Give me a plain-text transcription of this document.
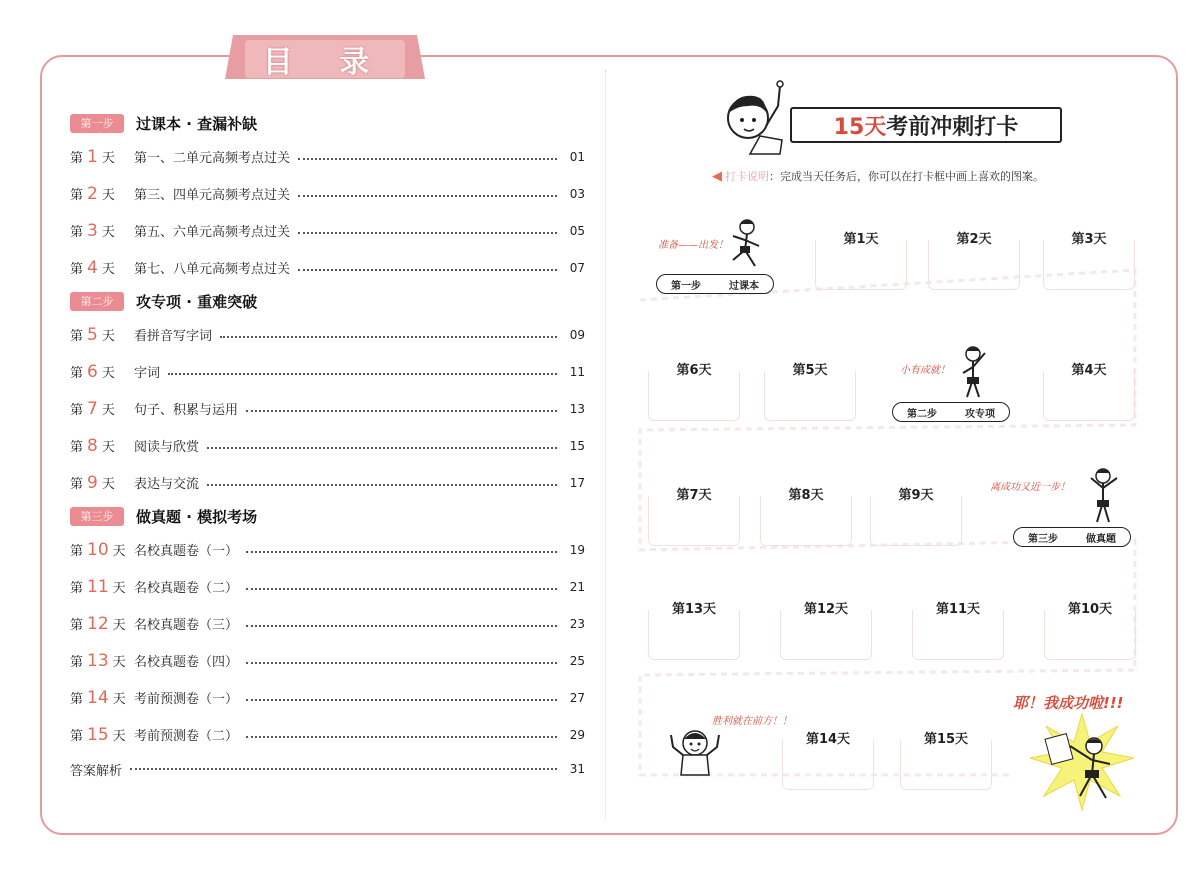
目 录
第一步	过课本 · 查漏补缺
第 1 天	第一、二单元高频考点过关	01
第 2 天	第三、四单元高频考点过关	03
第 3 天	第五、六单元高频考点过关	05
第 4 天	第七、八单元高频考点过关	07
第二步	攻专项 · 重难突破
第 5 天	看拼音写字词	09
第 6 天	字词	11
第 7 天	句子、积累与运用	13
第 8 天	阅读与欣赏	15
第 9 天	表达与交流	17
第三步	做真题 · 模拟考场
第 10 天 名校真题卷（一）	19
第 11 天 名校真题卷（二）	21
第 12 天 名校真题卷（三）	23
第 13 天 名校真题卷（四）	25
第 14 天 考前预测卷（一）	27
第 15 天 考前预测卷（二）	29
答案解析	31
15天 考前冲刺打卡
◀ 打卡说明：完成当天任务后，你可以在打卡框中画上喜欢的图案。
准备——出发！
第一步	过课本
第1天	第2天	第3天
第6天	第5天	小有成就！
第二步	攻专项
第4天
第7天	第8天	第9天
离成功又近一步！
第三步	做真题
第13天	第12天	第11天	第10天
胜利就在前方！！
第14天	第15天
耶！我成功啦!!!
